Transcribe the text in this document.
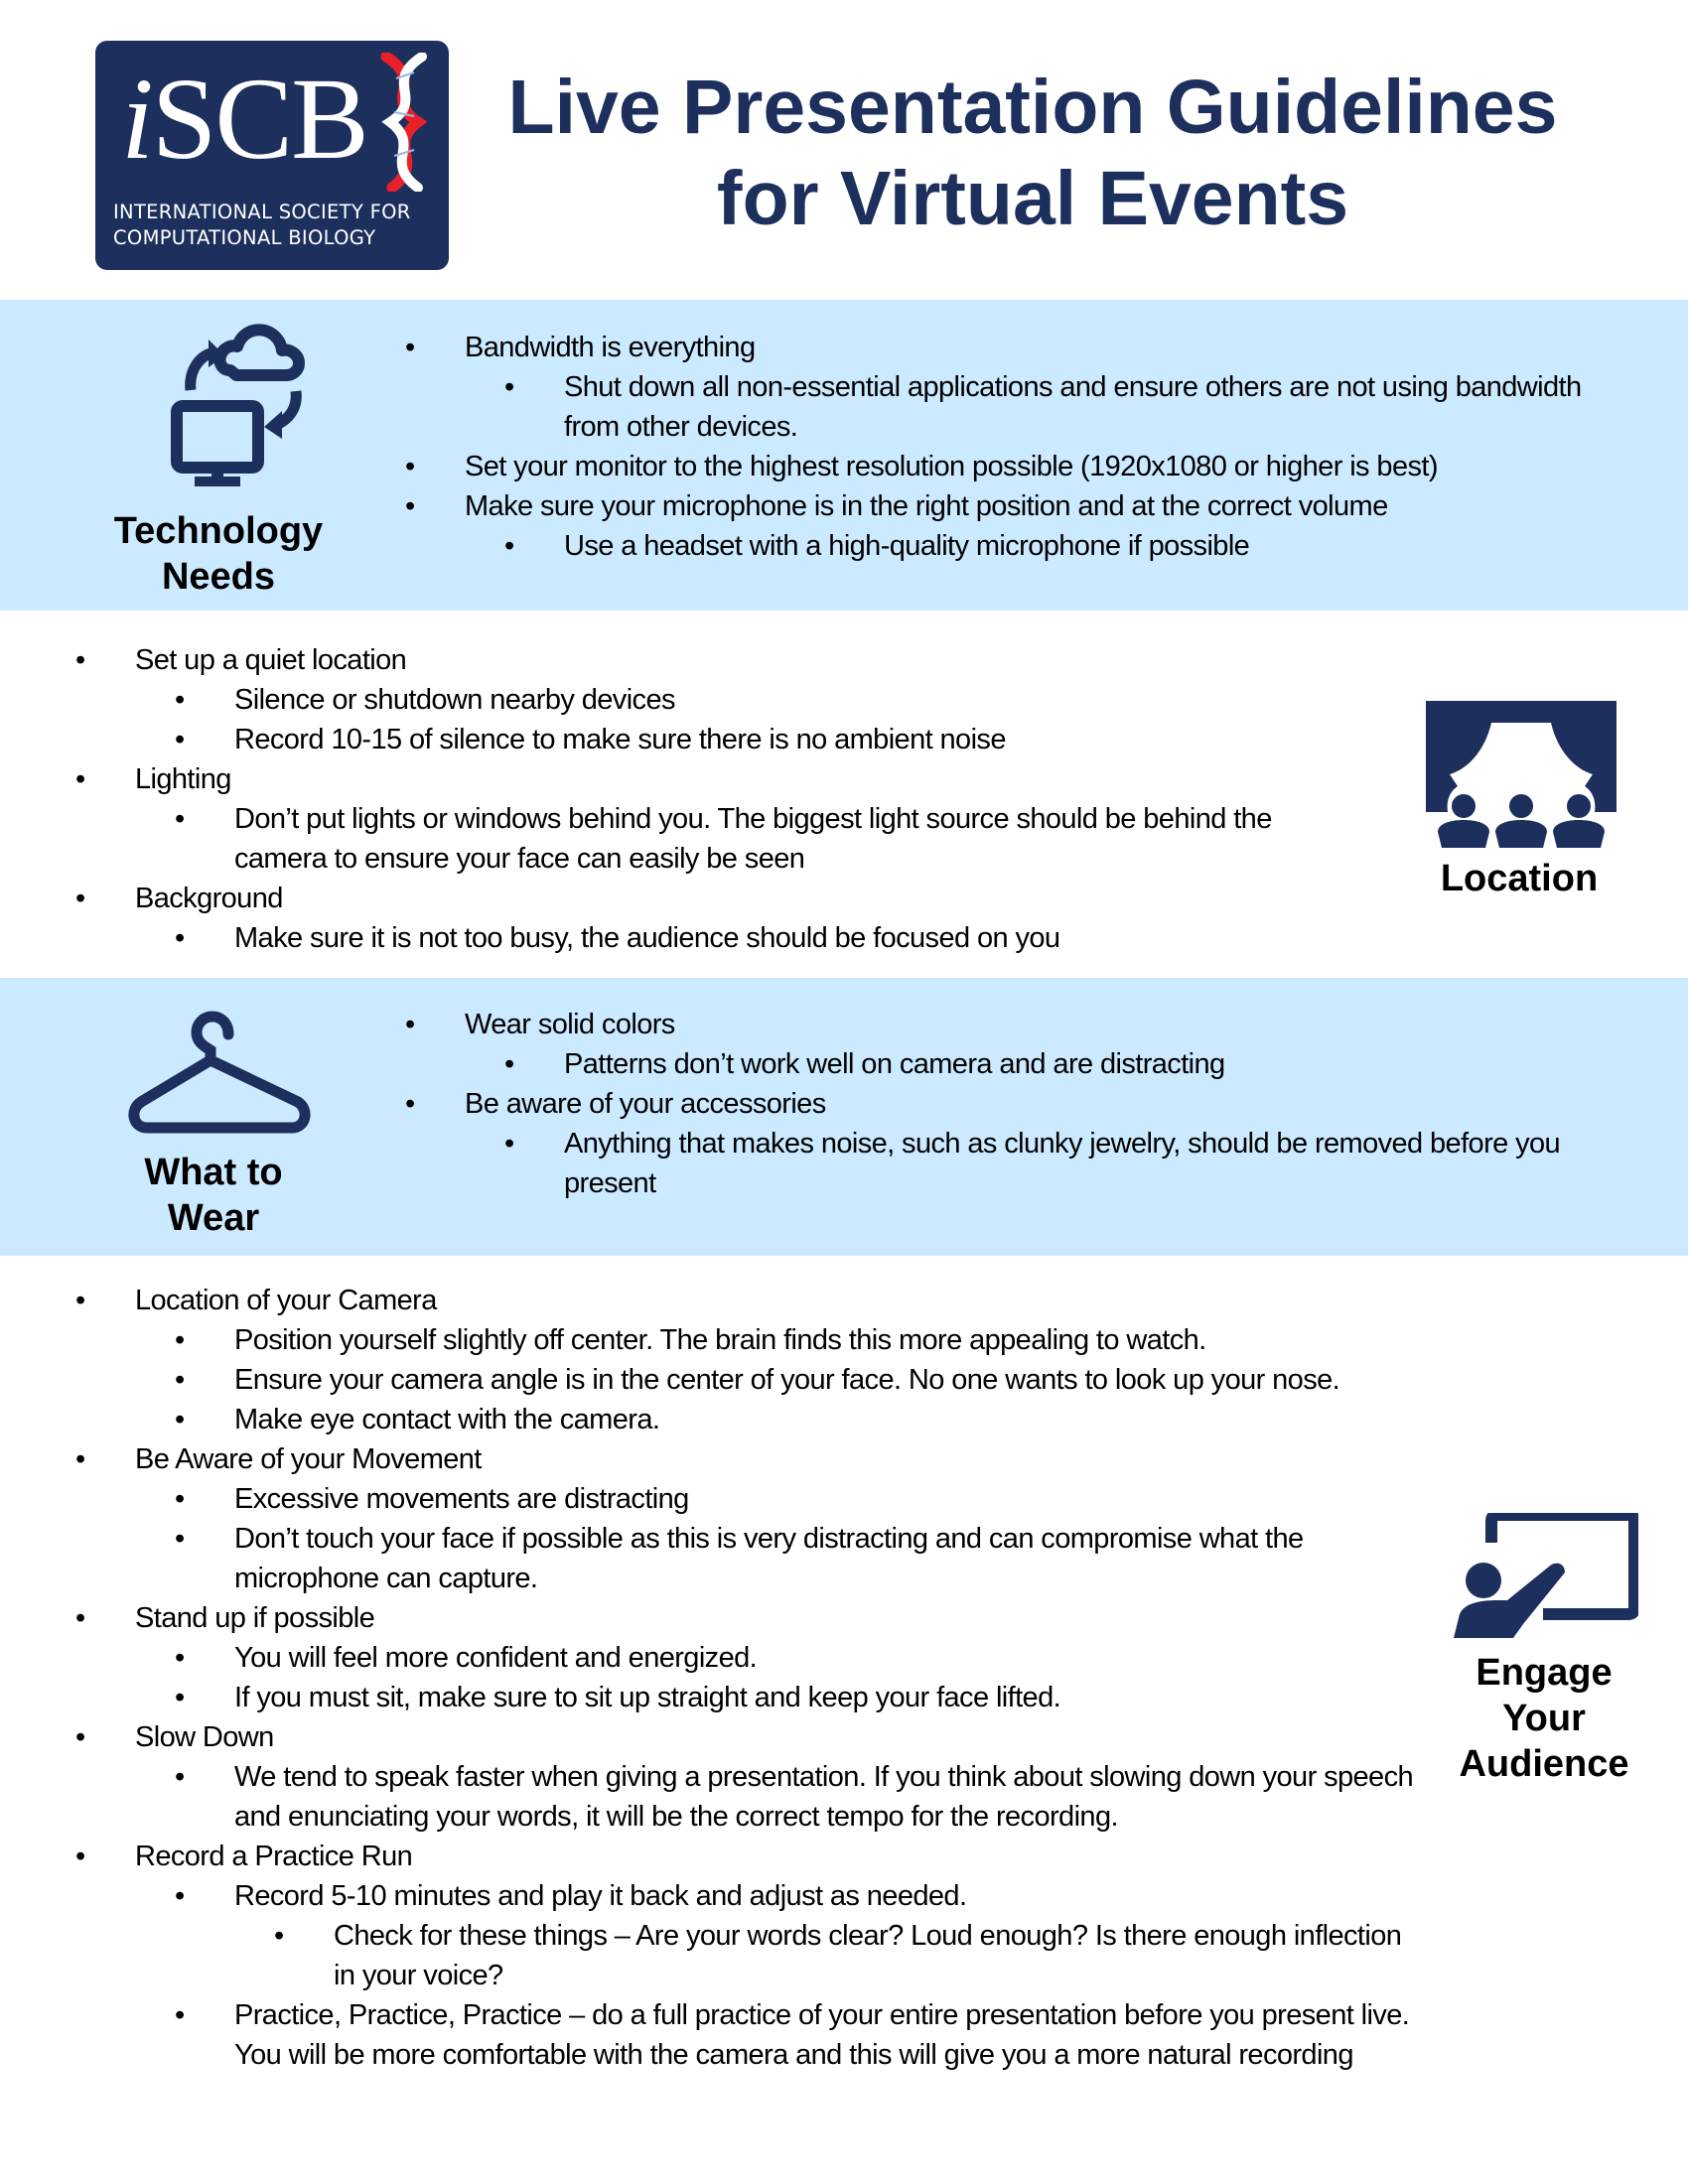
iSCB
INTERNATIONAL SOCIETY FOR
COMPUTATIONAL BIOLOGY
Live Presentation Guidelines
for Virtual Events
Technology
Needs
• Bandwidth is everything
• Shut down all non-essential applications and ensure others are not using bandwidth from other devices.
• Set your monitor to the highest resolution possible (1920x1080 or higher is best)
• Make sure your microphone is in the right position and at the correct volume
• Use a headset with a high-quality microphone if possible
• Set up a quiet location
• Silence or shutdown nearby devices
• Record 10-15 of silence to make sure there is no ambient noise
• Lighting
• Don’t put lights or windows behind you. The biggest light source should be behind the camera to ensure your face can easily be seen
• Background
• Make sure it is not too busy, the audience should be focused on you
Location
What to
Wear
• Wear solid colors
• Patterns don’t work well on camera and are distracting
• Be aware of your accessories
• Anything that makes noise, such as clunky jewelry, should be removed before you present
• Location of your Camera
• Position yourself slightly off center. The brain finds this more appealing to watch.
• Ensure your camera angle is in the center of your face. No one wants to look up your nose.
• Make eye contact with the camera.
• Be Aware of your Movement
• Excessive movements are distracting
• Don’t touch your face if possible as this is very distracting and can compromise what the microphone can capture.
• Stand up if possible
• You will feel more confident and energized.
• If you must sit, make sure to sit up straight and keep your face lifted.
• Slow Down
• We tend to speak faster when giving a presentation. If you think about slowing down your speech and enunciating your words, it will be the correct tempo for the recording.
• Record a Practice Run
• Record 5-10 minutes and play it back and adjust as needed.
• Check for these things – Are your words clear? Loud enough? Is there enough inflection in your voice?
• Practice, Practice, Practice – do a full practice of your entire presentation before you present live. You will be more comfortable with the camera and this will give you a more natural recording
Engage
Your
Audience
